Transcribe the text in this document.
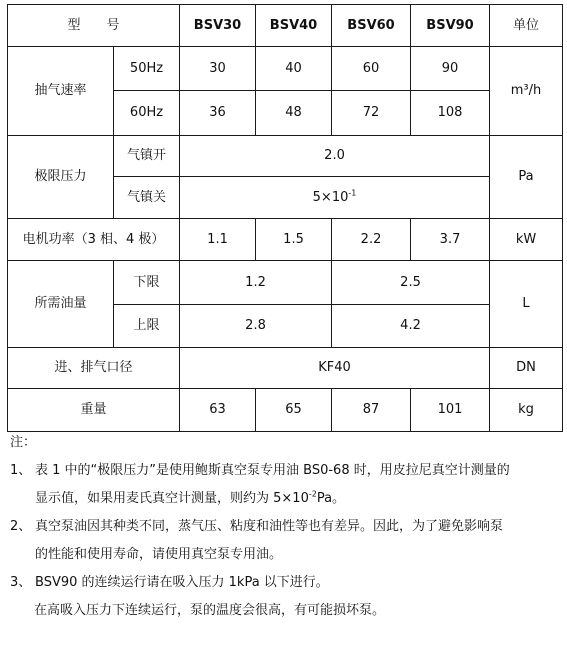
型　　号		BSV30	BSV40	BSV60	BSV90	单位
抽气速率	50Hz	30	40	60	90	m³/h
	60Hz	36	48	72	108	
极限压力	气镇开	2.0				Pa
	气镇关	$5\times 10^{-1}$
电机功率（3 相、4 极）		1.1	1.5	2.2	3.7	kW
所需油量	下限	1.2		2.5		L
	上限	2.8		4.2		
进、排气口径		KF40				DN
重量		63	65	87	101	kg
注：
1、 表 1 中的“极限压力”是使用鲍斯真空泵专用油 BS0-68 时，用皮拉尼真空计测量的
显示值，如果用麦氏真空计测量，则约为 $5\times 10^{-2}Pa$。
2、 真空泵油因其种类不同，蒸气压、粘度和油性等也有差异。因此，为了避免影响泵
的性能和使用寿命，请使用真空泵专用油。
3、 BSV90 的连续运行请在吸入压力 1kPa 以下进行。
在高吸入压力下连续运行，泵的温度会很高，有可能损坏泵。
